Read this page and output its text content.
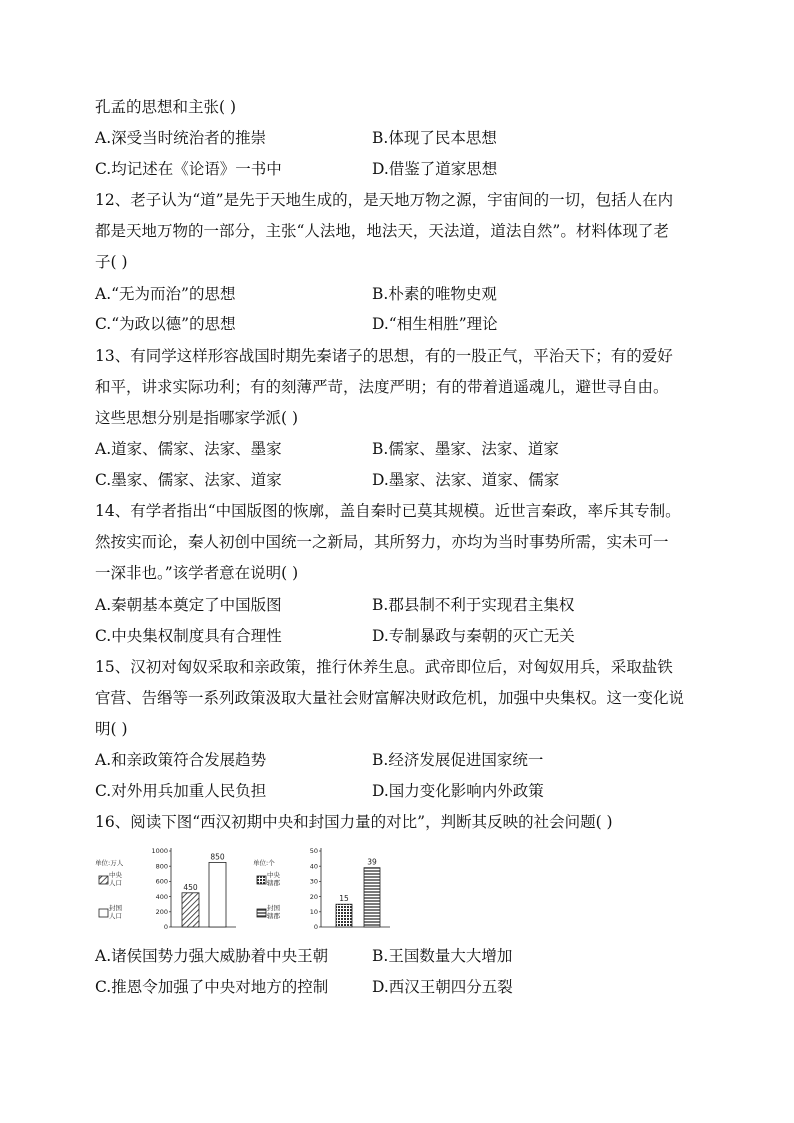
孔孟的思想和主张( )
A.深受当时统治者的推崇	B.体现了民本思想
C.均记述在《论语》一书中	D.借鉴了道家思想
12、老子认为“道”是先于天地生成的，是天地万物之源，宇宙间的一切，包括人在内
都是天地万物的一部分，主张“人法地，地法天，天法道，道法自然”。材料体现了老
子( )
A.“无为而治”的思想	B.朴素的唯物史观
C.“为政以德”的思想	D.“相生相胜”理论
13、有同学这样形容战国时期先秦诸子的思想，有的一股正气，平治天下；有的爱好
和平，讲求实际功利；有的刻薄严苛，法度严明；有的带着逍遥魂儿，避世寻自由。
这些思想分别是指哪家学派( )
A.道家、儒家、法家、墨家	B.儒家、墨家、法家、道家
C.墨家、儒家、法家、道家	D.墨家、法家、道家、儒家
14、有学者指出“中国版图的恢廓，盖自秦时已莫其规模。近世言秦政，率斥其专制。
然按实而论，秦人初创中国统一之新局，其所努力，亦均为当时事势所需，实未可一
一深非也。”该学者意在说明( )
A.秦朝基本奠定了中国版图	B.郡县制不利于实现君主集权
C.中央集权制度具有合理性	D.专制暴政与秦朝的灭亡无关
15、汉初对匈奴采取和亲政策，推行休养生息。武帝即位后，对匈奴用兵，采取盐铁
官营、告缗等一系列政策汲取大量社会财富解决财政危机，加强中央集权。这一变化说
明( )
A.和亲政策符合发展趋势	B.经济发展促进国家统一
C.对外用兵加重人民负担	D.国力变化影响内外政策
16、阅读下图“西汉初期中央和封国力量的对比”，判断其反映的社会问题( )
单位:万人
中央
人口
封国
人口
0
200
400
600
800
1000
450
850
单位:个
中央
辖郡
封国
辖郡
0
10
20
30
40
50
15
39
A.诸侯国势力强大威胁着中央王朝	B.王国数量大大增加
C.推恩令加强了中央对地方的控制	D.西汉王朝四分五裂
